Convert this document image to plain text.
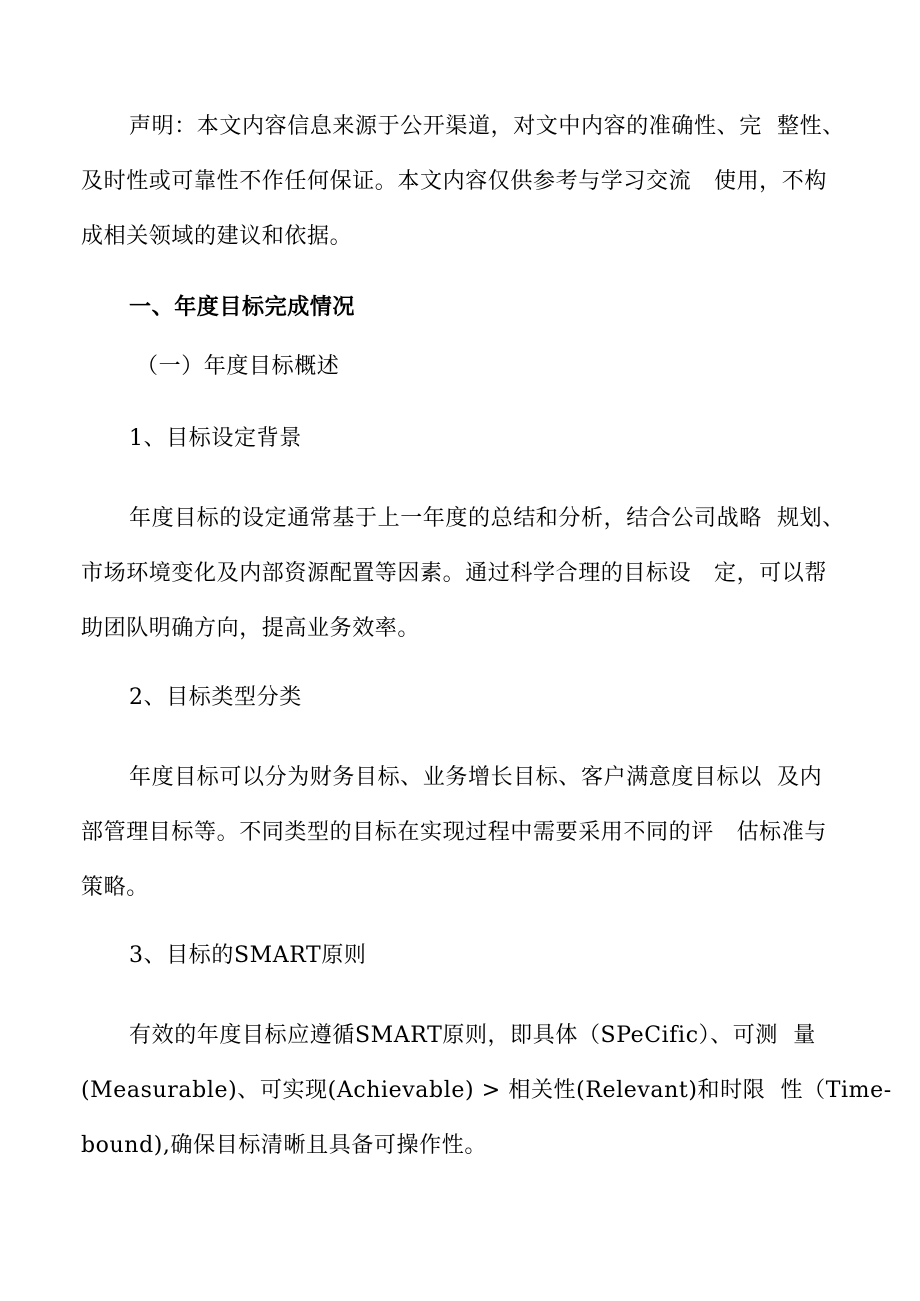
声明：本文内容信息来源于公开渠道，对文中内容的准确性、完  整性、
及时性或可靠性不作任何保证。本文内容仅供参考与学习交流   使用，不构
成相关领域的建议和依据。
一、年度目标完成情况
（一）年度目标概述
1、目标设定背景
年度目标的设定通常基于上一年度的总结和分析，结合公司战略  规划、
市场环境变化及内部资源配置等因素。通过科学合理的目标设   定，可以帮
助团队明确方向，提高业务效率。
2、目标类型分类
年度目标可以分为财务目标、业务增长目标、客户满意度目标以  及内
部管理目标等。不同类型的目标在实现过程中需要采用不同的评   估标准与
策略。
3、目标的SMART原则
有效的年度目标应遵循SMART原则，即具体（SPeCific）、可测  量
(Measurable)、可实现(Achievable) > 相关性(Relevant)和时限  性（Time-
bound),确保目标清晰且具备可操作性。
